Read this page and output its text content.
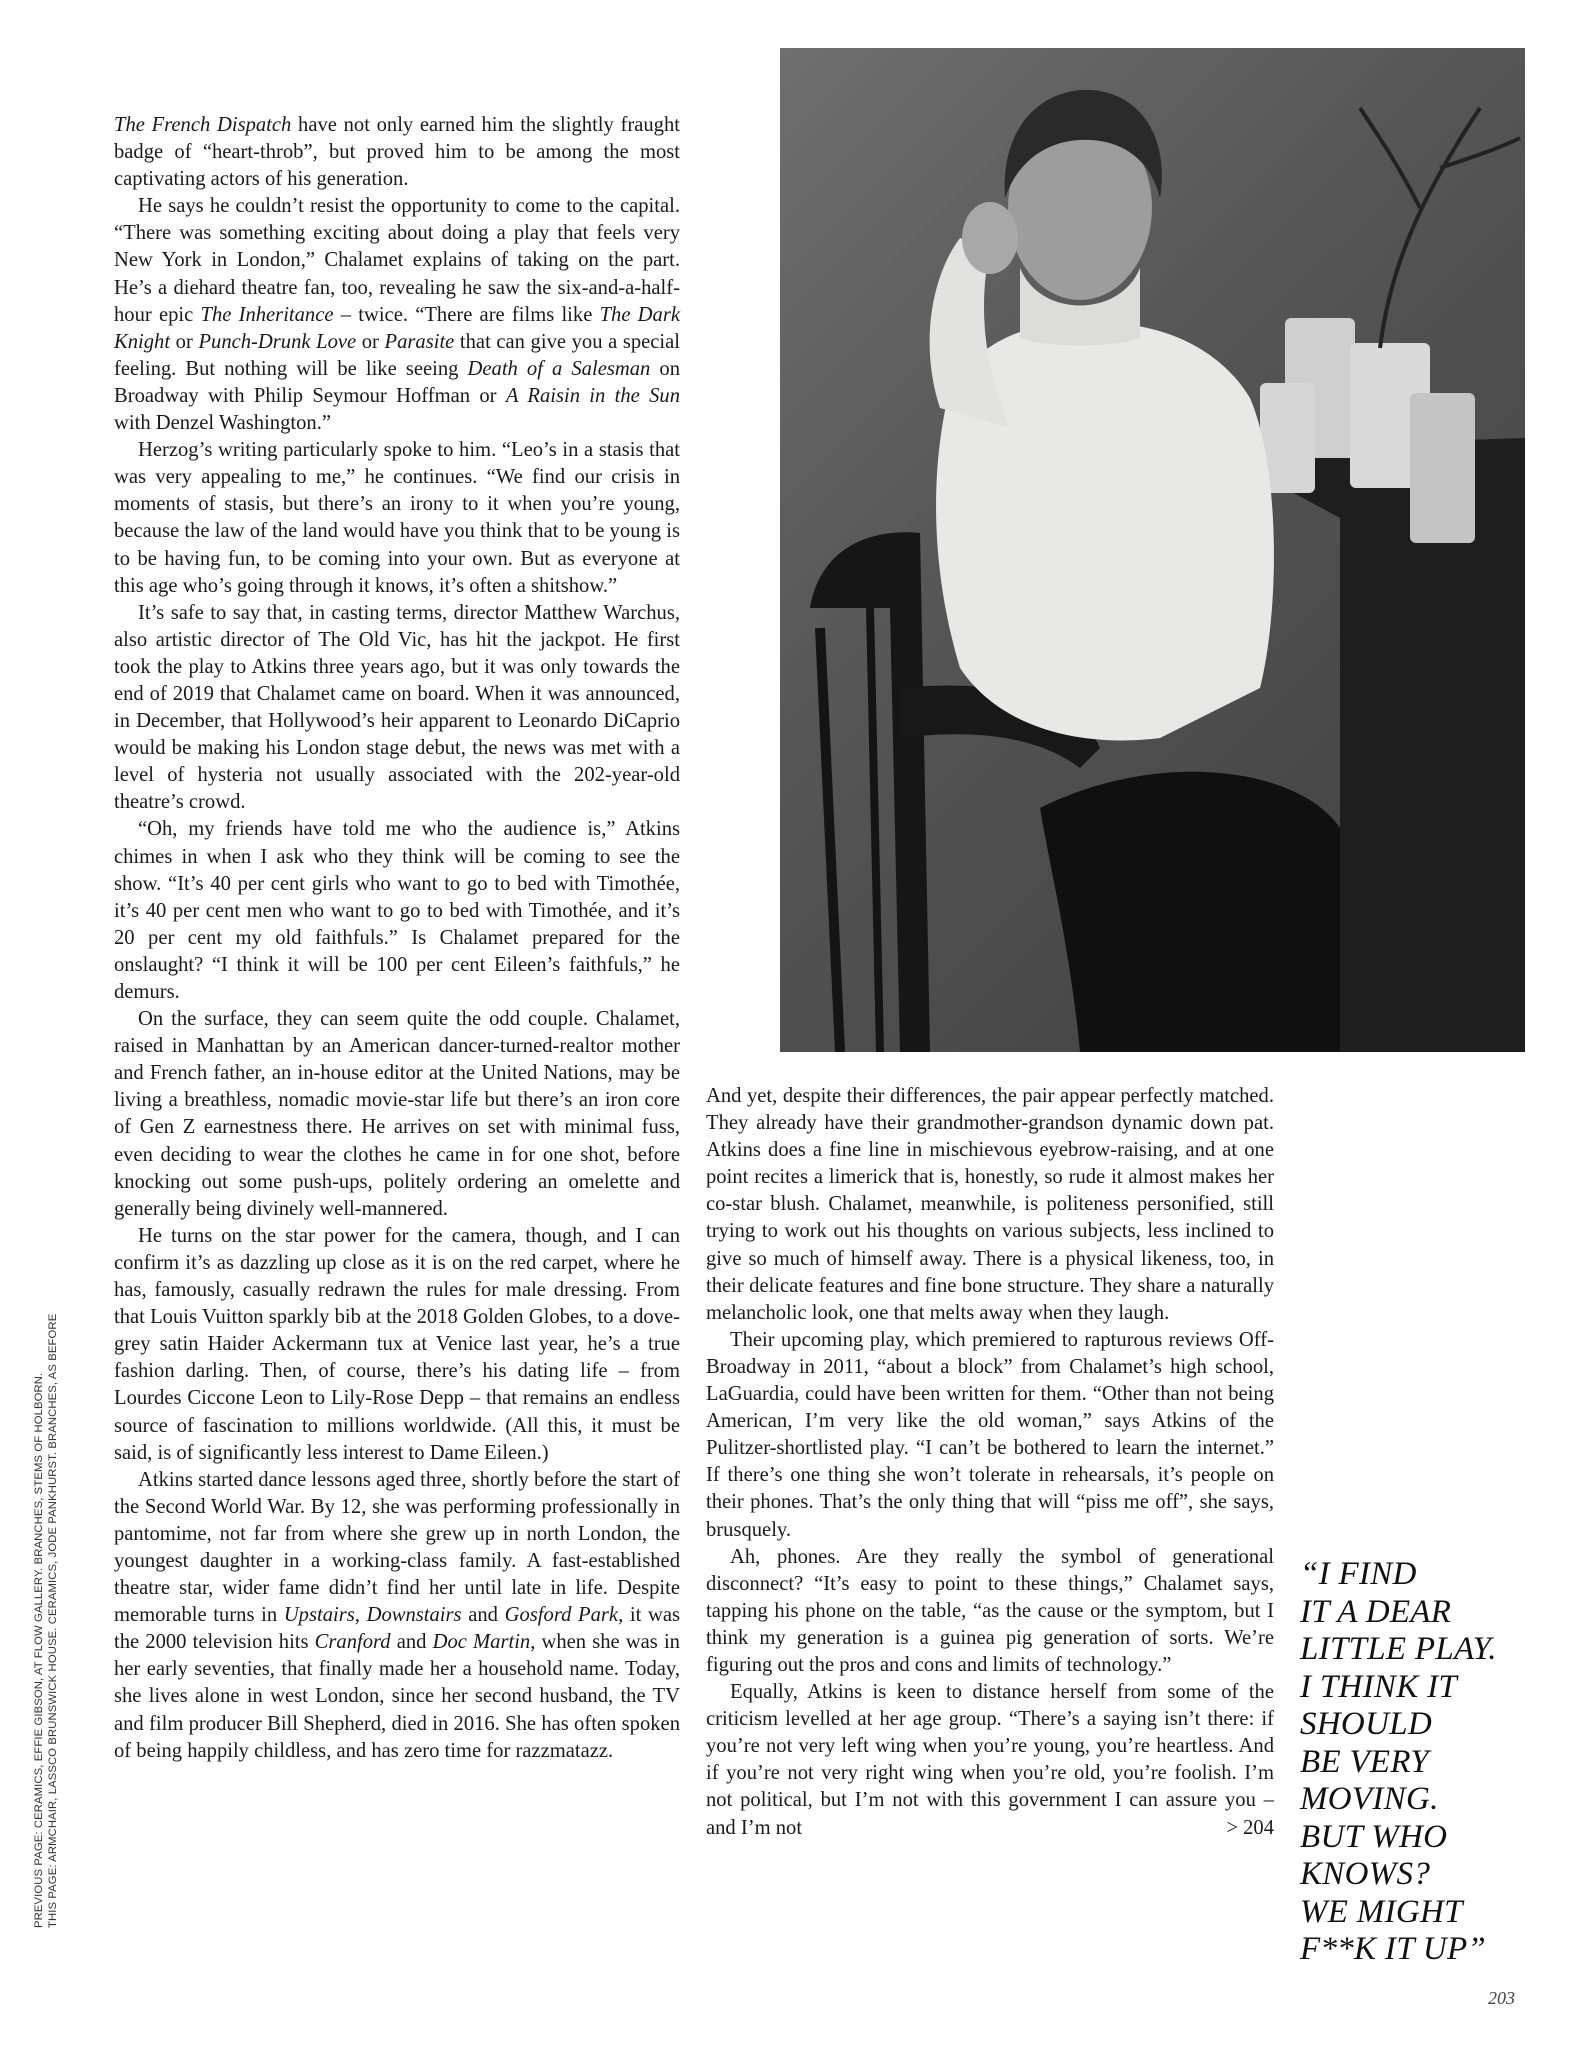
PREVIOUS PAGE: CERAMICS, EFFIE GIBSON, AT FLOW GALLERY. BRANCHES, STEMS OF HOLBORN. THIS PAGE: ARMCHAIR, LASSCO BRUNSWICK HOUSE. CERAMICS, JODE PANKHURST. BRANCHES, AS BEFORE

The French Dispatch have not only earned him the slightly fraught badge of “heart-throb”, but proved him to be among the most captivating actors of his generation.

He says he couldn’t resist the opportunity to come to the capital. “There was something exciting about doing a play that feels very New York in London,” Chalamet explains of taking on the part. He’s a diehard theatre fan, too, revealing he saw the six-and-a-half-hour epic The Inheritance – twice. “There are films like The Dark Knight or Punch-Drunk Love or Parasite that can give you a special feeling. But nothing will be like seeing Death of a Salesman on Broadway with Philip Seymour Hoffman or A Raisin in the Sun with Denzel Washington.”

Herzog’s writing particularly spoke to him. “Leo’s in a stasis that was very appealing to me,” he continues. “We find our crisis in moments of stasis, but there’s an irony to it when you’re young, because the law of the land would have you think that to be young is to be having fun, to be coming into your own. But as everyone at this age who’s going through it knows, it’s often a shitshow.”

It’s safe to say that, in casting terms, director Matthew Warchus, also artistic director of The Old Vic, has hit the jackpot. He first took the play to Atkins three years ago, but it was only towards the end of 2019 that Chalamet came on board. When it was announced, in December, that Hollywood’s heir apparent to Leonardo DiCaprio would be making his London stage debut, the news was met with a level of hysteria not usually associated with the 202-year-old theatre’s crowd.

“Oh, my friends have told me who the audience is,” Atkins chimes in when I ask who they think will be coming to see the show. “It’s 40 per cent girls who want to go to bed with Timothée, it’s 40 per cent men who want to go to bed with Timothée, and it’s 20 per cent my old faithfuls.” Is Chalamet prepared for the onslaught? “I think it will be 100 per cent Eileen’s faithfuls,” he demurs.

On the surface, they can seem quite the odd couple. Chalamet, raised in Manhattan by an American dancer-turned-realtor mother and French father, an in-house editor at the United Nations, may be living a breathless, nomadic movie-star life but there’s an iron core of Gen Z earnestness there. He arrives on set with minimal fuss, even deciding to wear the clothes he came in for one shot, before knocking out some push-ups, politely ordering an omelette and generally being divinely well-mannered.

He turns on the star power for the camera, though, and I can confirm it’s as dazzling up close as it is on the red carpet, where he has, famously, casually redrawn the rules for male dressing. From that Louis Vuitton sparkly bib at the 2018 Golden Globes, to a dove-grey satin Haider Ackermann tux at Venice last year, he’s a true fashion darling. Then, of course, there’s his dating life – from Lourdes Ciccone Leon to Lily-Rose Depp – that remains an endless source of fascination to millions worldwide. (All this, it must be said, is of significantly less interest to Dame Eileen.)

Atkins started dance lessons aged three, shortly before the start of the Second World War. By 12, she was performing professionally in pantomime, not far from where she grew up in north London, the youngest daughter in a working-class family. A fast-established theatre star, wider fame didn’t find her until late in life. Despite memorable turns in Upstairs, Downstairs and Gosford Park, it was the 2000 television hits Cranford and Doc Martin, when she was in her early seventies, that finally made her a household name. Today, she lives alone in west London, since her second husband, the TV and film producer Bill Shepherd, died in 2016. She has often spoken of being happily childless, and has zero time for razzmatazz.

And yet, despite their differences, the pair appear perfectly matched. They already have their grandmother-grandson dynamic down pat. Atkins does a fine line in mischievous eyebrow-raising, and at one point recites a limerick that is, honestly, so rude it almost makes her co-star blush. Chalamet, meanwhile, is politeness personified, still trying to work out his thoughts on various subjects, less inclined to give so much of himself away. There is a physical likeness, too, in their delicate features and fine bone structure. They share a naturally melancholic look, one that melts away when they laugh.

Their upcoming play, which premiered to rapturous reviews Off-Broadway in 2011, “about a block” from Chalamet’s high school, LaGuardia, could have been written for them. “Other than not being American, I’m very like the old woman,” says Atkins of the Pulitzer-shortlisted play. “I can’t be bothered to learn the internet.” If there’s one thing she won’t tolerate in rehearsals, it’s people on their phones. That’s the only thing that will “piss me off”, she says, brusquely.

Ah, phones. Are they really the symbol of generational disconnect? “It’s easy to point to these things,” Chalamet says, tapping his phone on the table, “as the cause or the symptom, but I think my generation is a guinea pig generation of sorts. We’re figuring out the pros and cons and limits of technology.”

Equally, Atkins is keen to distance herself from some of the criticism levelled at her age group. “There’s a saying isn’t there: if you’re not very left wing when you’re young, you’re heartless. And if you’re not very right wing when you’re old, you’re foolish. I’m not political, but I’m not with this government I can assure you – and I’m not	> 204

“I FIND
IT A DEAR
LITTLE PLAY.
I THINK IT
SHOULD
BE VERY
MOVING.
BUT WHO
KNOWS?
WE MIGHT
F**K IT UP”
203
